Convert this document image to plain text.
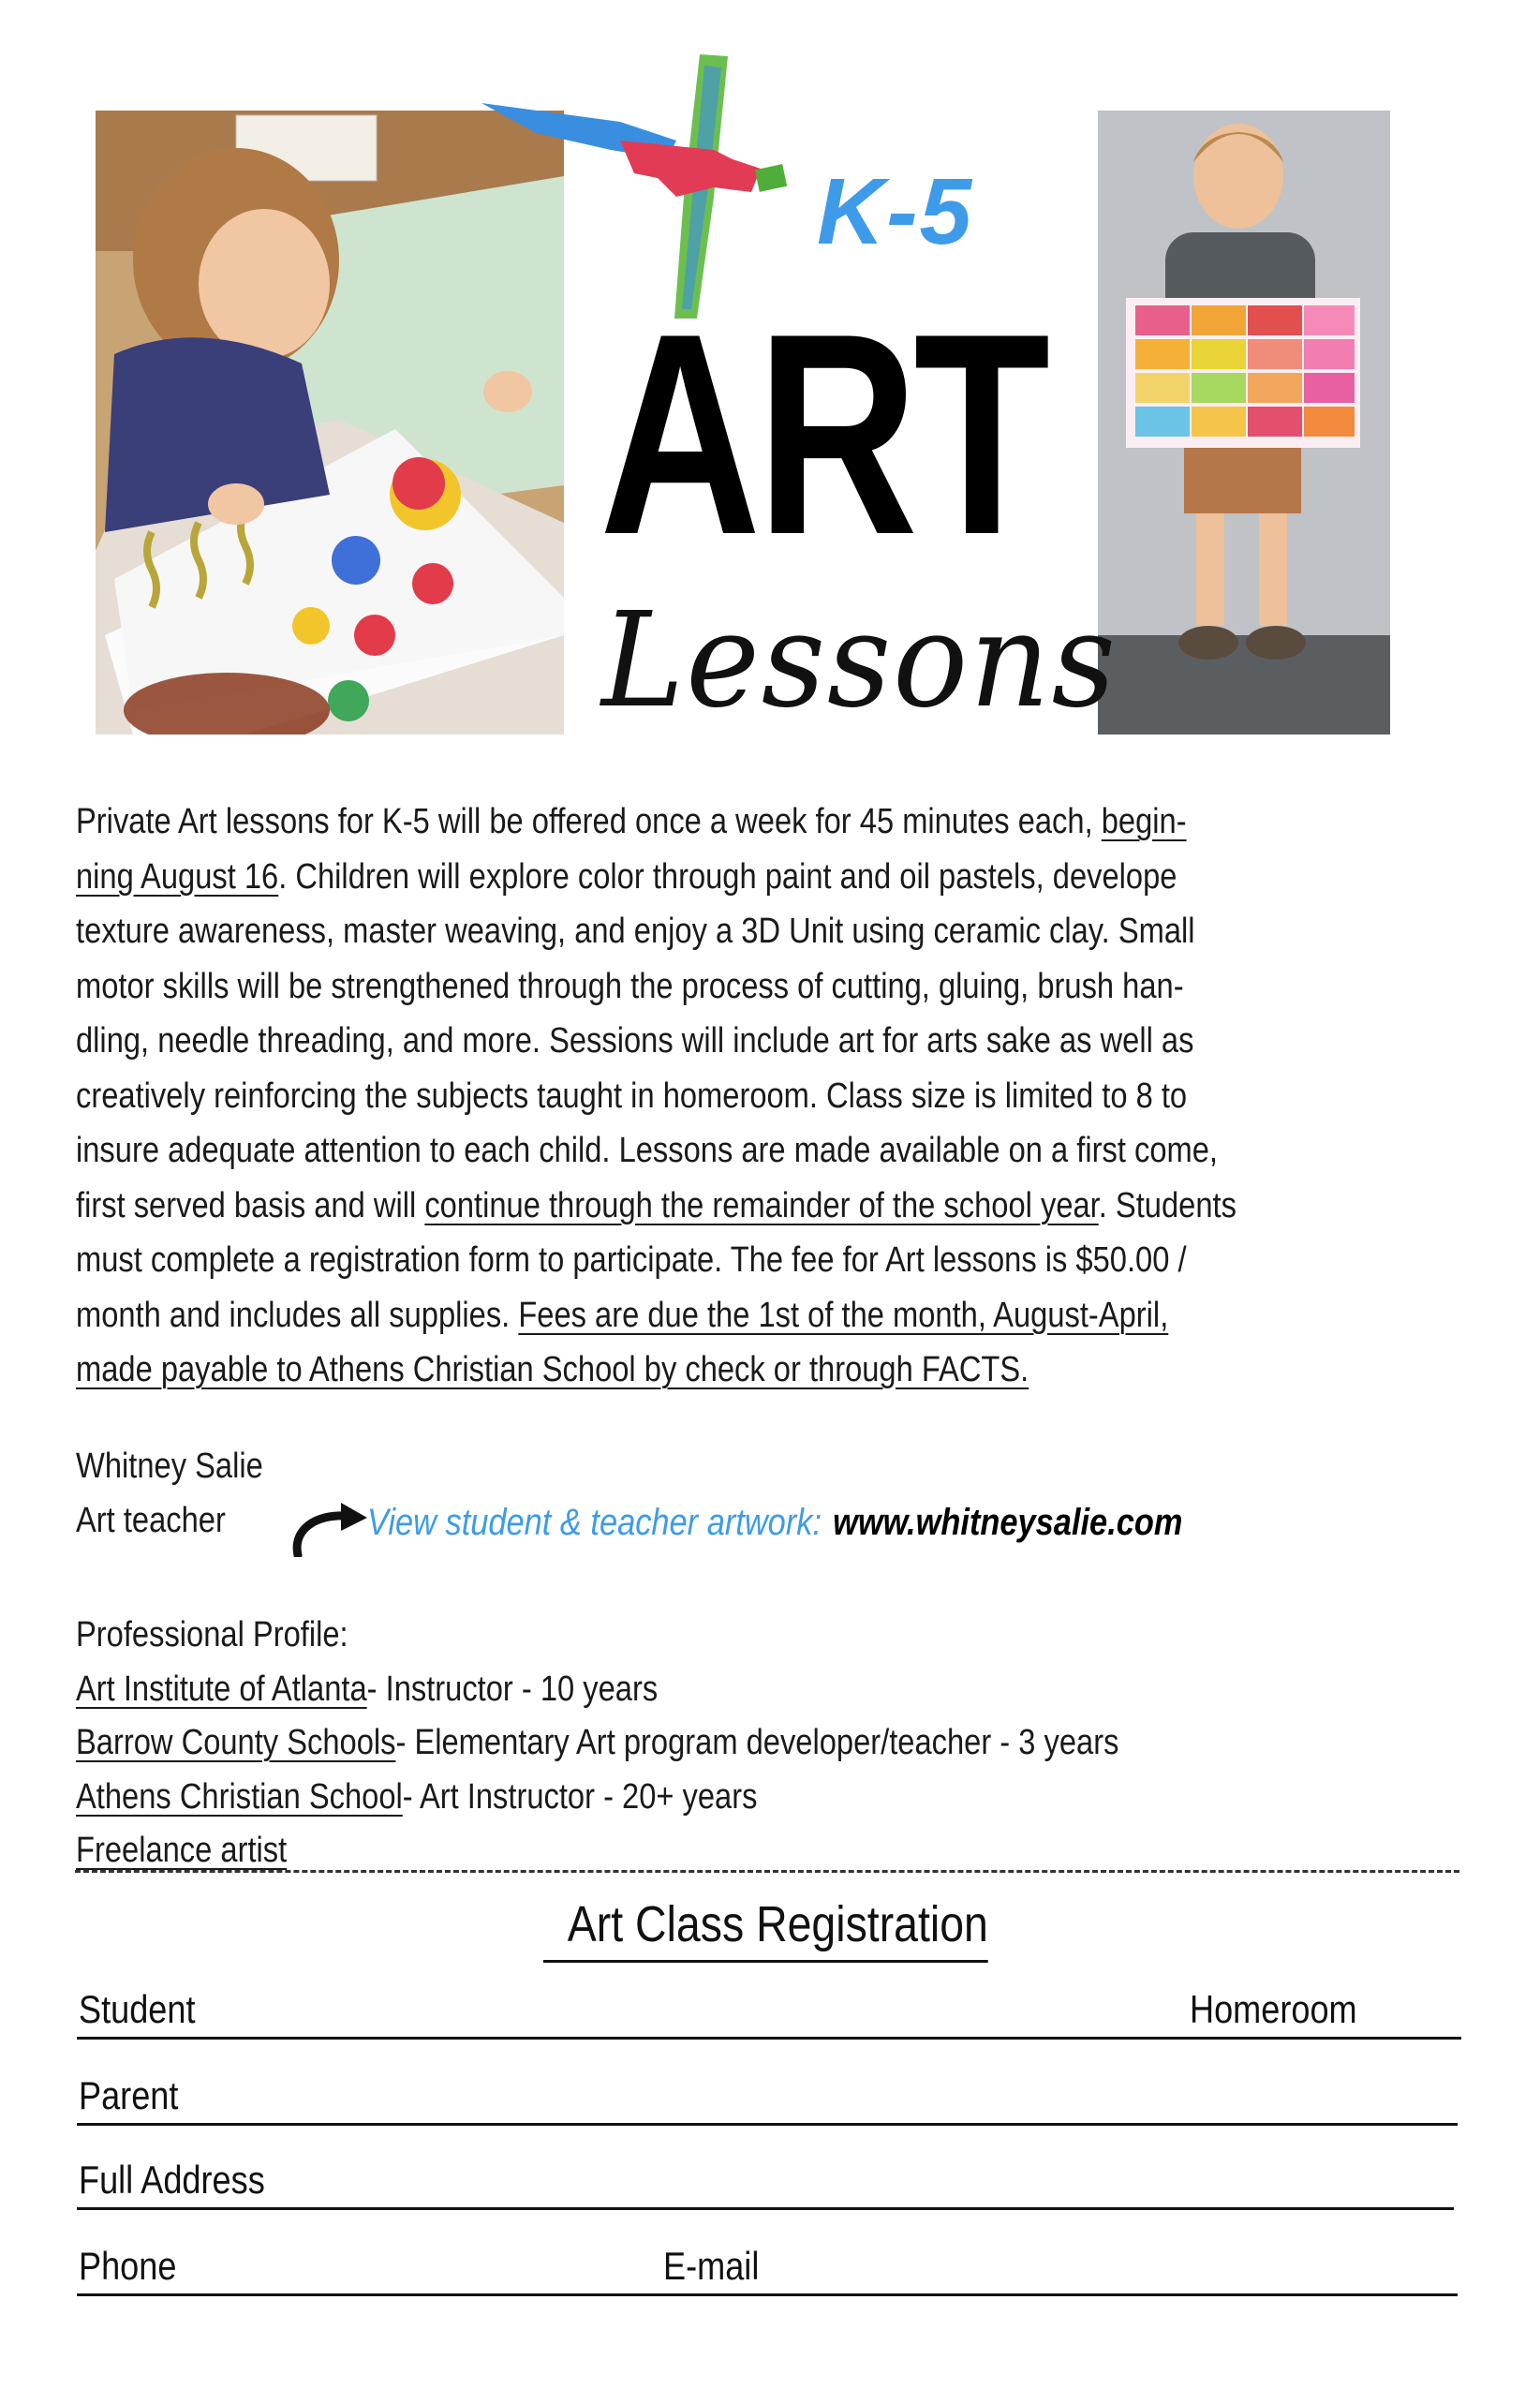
K-5
ART
Lessons
Private Art lessons for K-5 will be offered once a week for 45 minutes each, begin-
ning August 16. Children will explore color through paint and oil pastels, develope
texture awareness, master weaving, and enjoy a 3D Unit using ceramic clay. Small
motor skills will be strengthened through the process of cutting, gluing, brush han-
dling, needle threading, and more. Sessions will include art for arts sake as well as
creatively reinforcing the subjects taught in homeroom. Class size is limited to 8 to
insure adequate attention to each child. Lessons are made available on a first come,
first served basis and will continue through the remainder of the school year. Students
must complete a registration form to participate. The fee for Art lessons is $50.00 /
month and includes all supplies. Fees are due the 1st of the month, August-April,
made payable to Athens Christian School by check or through FACTS.
Whitney Salie
Art teacher	View student & teacher artwork: www.whitneysalie.com
Professional Profile:
Art Institute of Atlanta- Instructor - 10 years
Barrow County Schools- Elementary Art program developer/teacher - 3 years
Athens Christian School- Art Instructor - 20+ years
Freelance artist
Art Class Registration
Student	Homeroom
Parent
Full Address
Phone	E-mail
